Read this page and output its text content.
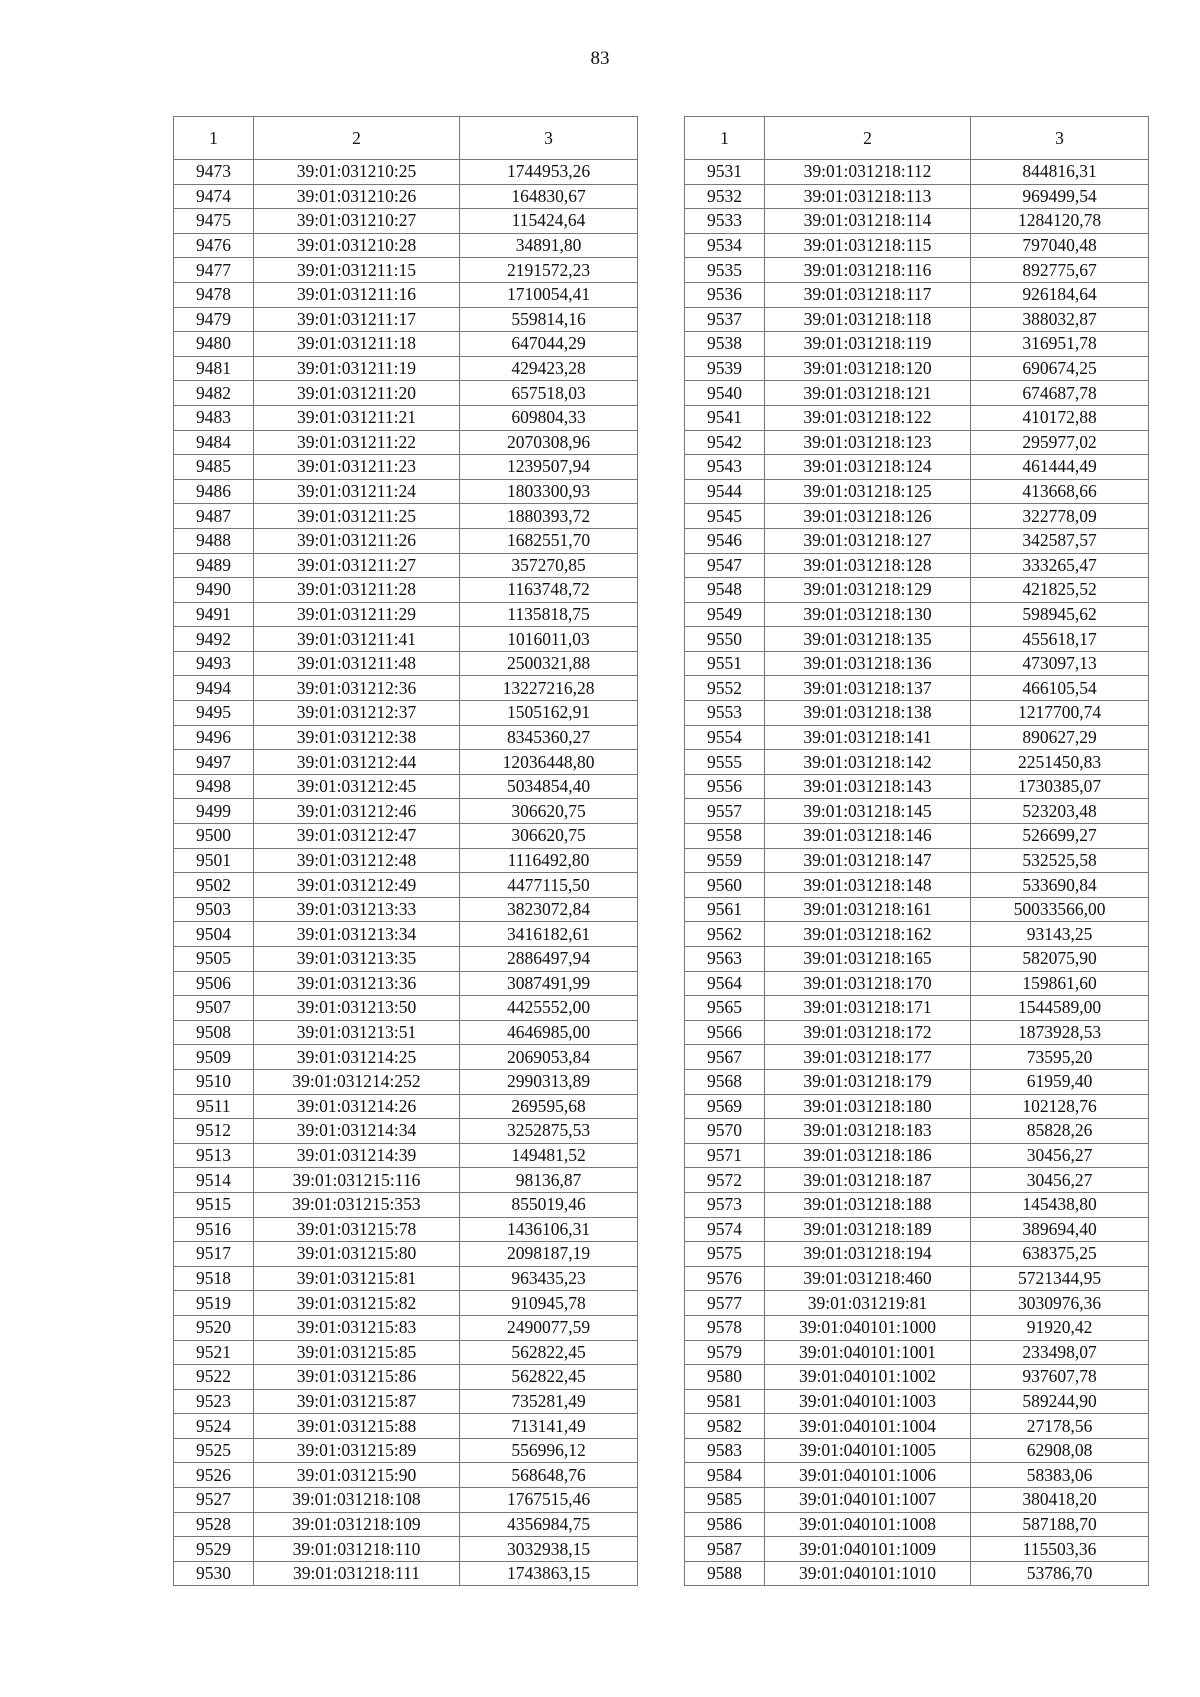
83
1	2	3
9473	39:01:031210:25	1744953,26
9474	39:01:031210:26	164830,67
9475	39:01:031210:27	115424,64
9476	39:01:031210:28	34891,80
9477	39:01:031211:15	2191572,23
9478	39:01:031211:16	1710054,41
9479	39:01:031211:17	559814,16
9480	39:01:031211:18	647044,29
9481	39:01:031211:19	429423,28
9482	39:01:031211:20	657518,03
9483	39:01:031211:21	609804,33
9484	39:01:031211:22	2070308,96
9485	39:01:031211:23	1239507,94
9486	39:01:031211:24	1803300,93
9487	39:01:031211:25	1880393,72
9488	39:01:031211:26	1682551,70
9489	39:01:031211:27	357270,85
9490	39:01:031211:28	1163748,72
9491	39:01:031211:29	1135818,75
9492	39:01:031211:41	1016011,03
9493	39:01:031211:48	2500321,88
9494	39:01:031212:36	13227216,28
9495	39:01:031212:37	1505162,91
9496	39:01:031212:38	8345360,27
9497	39:01:031212:44	12036448,80
9498	39:01:031212:45	5034854,40
9499	39:01:031212:46	306620,75
9500	39:01:031212:47	306620,75
9501	39:01:031212:48	1116492,80
9502	39:01:031212:49	4477115,50
9503	39:01:031213:33	3823072,84
9504	39:01:031213:34	3416182,61
9505	39:01:031213:35	2886497,94
9506	39:01:031213:36	3087491,99
9507	39:01:031213:50	4425552,00
9508	39:01:031213:51	4646985,00
9509	39:01:031214:25	2069053,84
9510	39:01:031214:252	2990313,89
9511	39:01:031214:26	269595,68
9512	39:01:031214:34	3252875,53
9513	39:01:031214:39	149481,52
9514	39:01:031215:116	98136,87
9515	39:01:031215:353	855019,46
9516	39:01:031215:78	1436106,31
9517	39:01:031215:80	2098187,19
9518	39:01:031215:81	963435,23
9519	39:01:031215:82	910945,78
9520	39:01:031215:83	2490077,59
9521	39:01:031215:85	562822,45
9522	39:01:031215:86	562822,45
9523	39:01:031215:87	735281,49
9524	39:01:031215:88	713141,49
9525	39:01:031215:89	556996,12
9526	39:01:031215:90	568648,76
9527	39:01:031218:108	1767515,46
9528	39:01:031218:109	4356984,75
9529	39:01:031218:110	3032938,15
9530	39:01:031218:111	1743863,15
1	2	3
9531	39:01:031218:112	844816,31
9532	39:01:031218:113	969499,54
9533	39:01:031218:114	1284120,78
9534	39:01:031218:115	797040,48
9535	39:01:031218:116	892775,67
9536	39:01:031218:117	926184,64
9537	39:01:031218:118	388032,87
9538	39:01:031218:119	316951,78
9539	39:01:031218:120	690674,25
9540	39:01:031218:121	674687,78
9541	39:01:031218:122	410172,88
9542	39:01:031218:123	295977,02
9543	39:01:031218:124	461444,49
9544	39:01:031218:125	413668,66
9545	39:01:031218:126	322778,09
9546	39:01:031218:127	342587,57
9547	39:01:031218:128	333265,47
9548	39:01:031218:129	421825,52
9549	39:01:031218:130	598945,62
9550	39:01:031218:135	455618,17
9551	39:01:031218:136	473097,13
9552	39:01:031218:137	466105,54
9553	39:01:031218:138	1217700,74
9554	39:01:031218:141	890627,29
9555	39:01:031218:142	2251450,83
9556	39:01:031218:143	1730385,07
9557	39:01:031218:145	523203,48
9558	39:01:031218:146	526699,27
9559	39:01:031218:147	532525,58
9560	39:01:031218:148	533690,84
9561	39:01:031218:161	50033566,00
9562	39:01:031218:162	93143,25
9563	39:01:031218:165	582075,90
9564	39:01:031218:170	159861,60
9565	39:01:031218:171	1544589,00
9566	39:01:031218:172	1873928,53
9567	39:01:031218:177	73595,20
9568	39:01:031218:179	61959,40
9569	39:01:031218:180	102128,76
9570	39:01:031218:183	85828,26
9571	39:01:031218:186	30456,27
9572	39:01:031218:187	30456,27
9573	39:01:031218:188	145438,80
9574	39:01:031218:189	389694,40
9575	39:01:031218:194	638375,25
9576	39:01:031218:460	5721344,95
9577	39:01:031219:81	3030976,36
9578	39:01:040101:1000	91920,42
9579	39:01:040101:1001	233498,07
9580	39:01:040101:1002	937607,78
9581	39:01:040101:1003	589244,90
9582	39:01:040101:1004	27178,56
9583	39:01:040101:1005	62908,08
9584	39:01:040101:1006	58383,06
9585	39:01:040101:1007	380418,20
9586	39:01:040101:1008	587188,70
9587	39:01:040101:1009	115503,36
9588	39:01:040101:1010	53786,70
